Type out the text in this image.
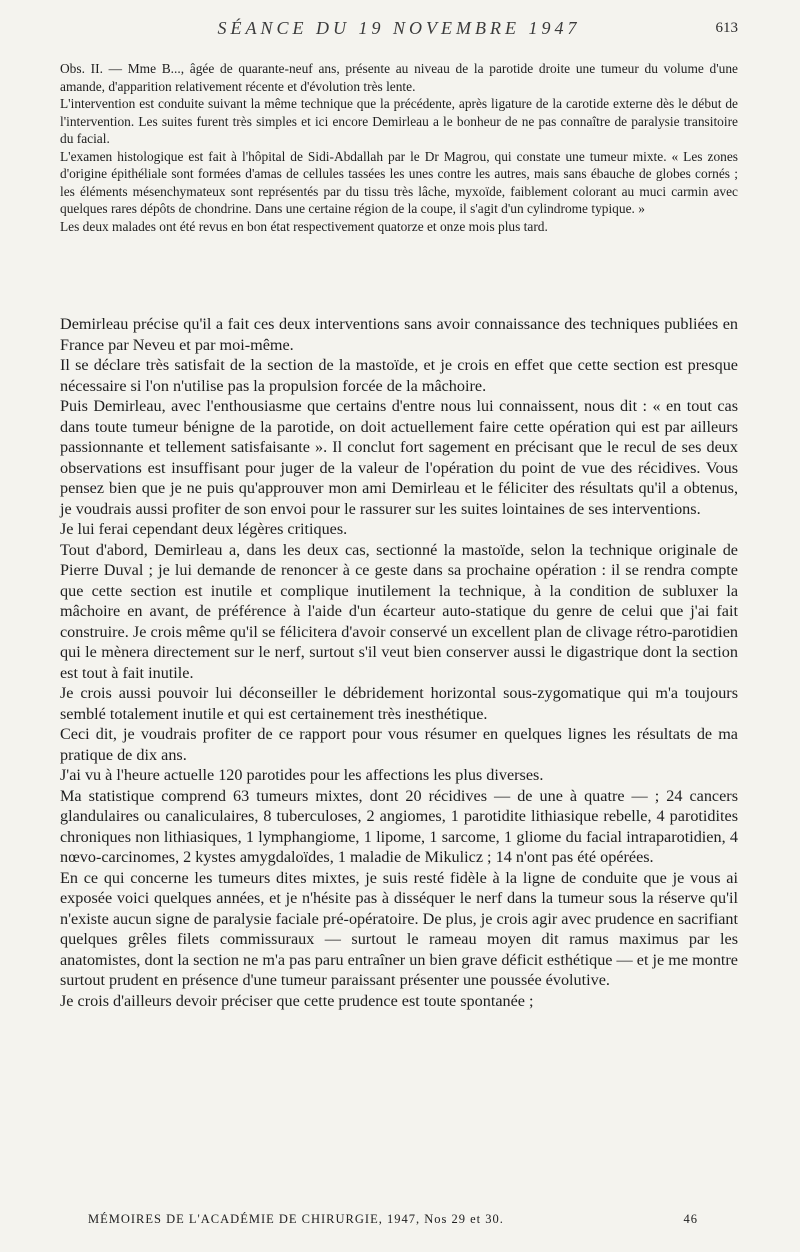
SÉANCE DU 19 NOVEMBRE 1947	613

Obs. II. — Mme B..., âgée de quarante-neuf ans, présente au niveau de la parotide droite une tumeur du volume d'une amande, d'apparition relativement récente et d'évolution très lente.

L'intervention est conduite suivant la même technique que la précédente, après ligature de la carotide externe dès le début de l'intervention. Les suites furent très simples et ici encore Demirleau a le bonheur de ne pas connaître de paralysie transitoire du facial.

L'examen histologique est fait à l'hôpital de Sidi-Abdallah par le Dr Magrou, qui constate une tumeur mixte. « Les zones d'origine épithéliale sont formées d'amas de cellules tassées les unes contre les autres, mais sans ébauche de globes cornés ; les éléments mésenchymateux sont représentés par du tissu très lâche, myxoïde, faiblement colorant au muci carmin avec quelques rares dépôts de chondrine. Dans une certaine région de la coupe, il s'agit d'un cylindrome typique. »

Les deux malades ont été revus en bon état respectivement quatorze et onze mois plus tard.

Demirleau précise qu'il a fait ces deux interventions sans avoir connaissance des techniques publiées en France par Neveu et par moi-même.

Il se déclare très satisfait de la section de la mastoïde, et je crois en effet que cette section est presque nécessaire si l'on n'utilise pas la propulsion forcée de la mâchoire.

Puis Demirleau, avec l'enthousiasme que certains d'entre nous lui connaissent, nous dit : « en tout cas dans toute tumeur bénigne de la parotide, on doit actuellement faire cette opération qui est par ailleurs passionnante et tellement satisfaisante ». Il conclut fort sagement en précisant que le recul de ses deux observations est insuffisant pour juger de la valeur de l'opération du point de vue des récidives. Vous pensez bien que je ne puis qu'approuver mon ami Demirleau et le féliciter des résultats qu'il a obtenus, je voudrais aussi profiter de son envoi pour le rassurer sur les suites lointaines de ses interventions.

Je lui ferai cependant deux légères critiques.

Tout d'abord, Demirleau a, dans les deux cas, sectionné la mastoïde, selon la technique originale de Pierre Duval ; je lui demande de renoncer à ce geste dans sa prochaine opération : il se rendra compte que cette section est inutile et complique inutilement la technique, à la condition de subluxer la mâchoire en avant, de préférence à l'aide d'un écarteur auto-statique du genre de celui que j'ai fait construire. Je crois même qu'il se félicitera d'avoir conservé un excellent plan de clivage rétro-parotidien qui le mènera directement sur le nerf, surtout s'il veut bien conserver aussi le digastrique dont la section est tout à fait inutile.

Je crois aussi pouvoir lui déconseiller le débridement horizontal sous-zygomatique qui m'a toujours semblé totalement inutile et qui est certainement très inesthétique.

Ceci dit, je voudrais profiter de ce rapport pour vous résumer en quelques lignes les résultats de ma pratique de dix ans.

J'ai vu à l'heure actuelle 120 parotides pour les affections les plus diverses.

Ma statistique comprend 63 tumeurs mixtes, dont 20 récidives — de une à quatre — ; 24 cancers glandulaires ou canaliculaires, 8 tuberculoses, 2 angiomes, 1 parotidite lithiasique rebelle, 4 parotidites chroniques non lithiasiques, 1 lymphangiome, 1 lipome, 1 sarcome, 1 gliome du facial intraparotidien, 4 nœvo-carcinomes, 2 kystes amygdaloïdes, 1 maladie de Mikulicz ; 14 n'ont pas été opérées.

En ce qui concerne les tumeurs dites mixtes, je suis resté fidèle à la ligne de conduite que je vous ai exposée voici quelques années, et je n'hésite pas à disséquer le nerf dans la tumeur sous la réserve qu'il n'existe aucun signe de paralysie faciale pré-opératoire. De plus, je crois agir avec prudence en sacrifiant quelques grêles filets commissuraux — surtout le rameau moyen dit ramus maximus par les anatomistes, dont la section ne m'a pas paru entraîner un bien grave déficit esthétique — et je me montre surtout prudent en présence d'une tumeur paraissant présenter une poussée évolutive.

Je crois d'ailleurs devoir préciser que cette prudence est toute spontanée ;

MÉMOIRES DE L'ACADÉMIE DE CHIRURGIE, 1947, Nos 29 et 30.	46
